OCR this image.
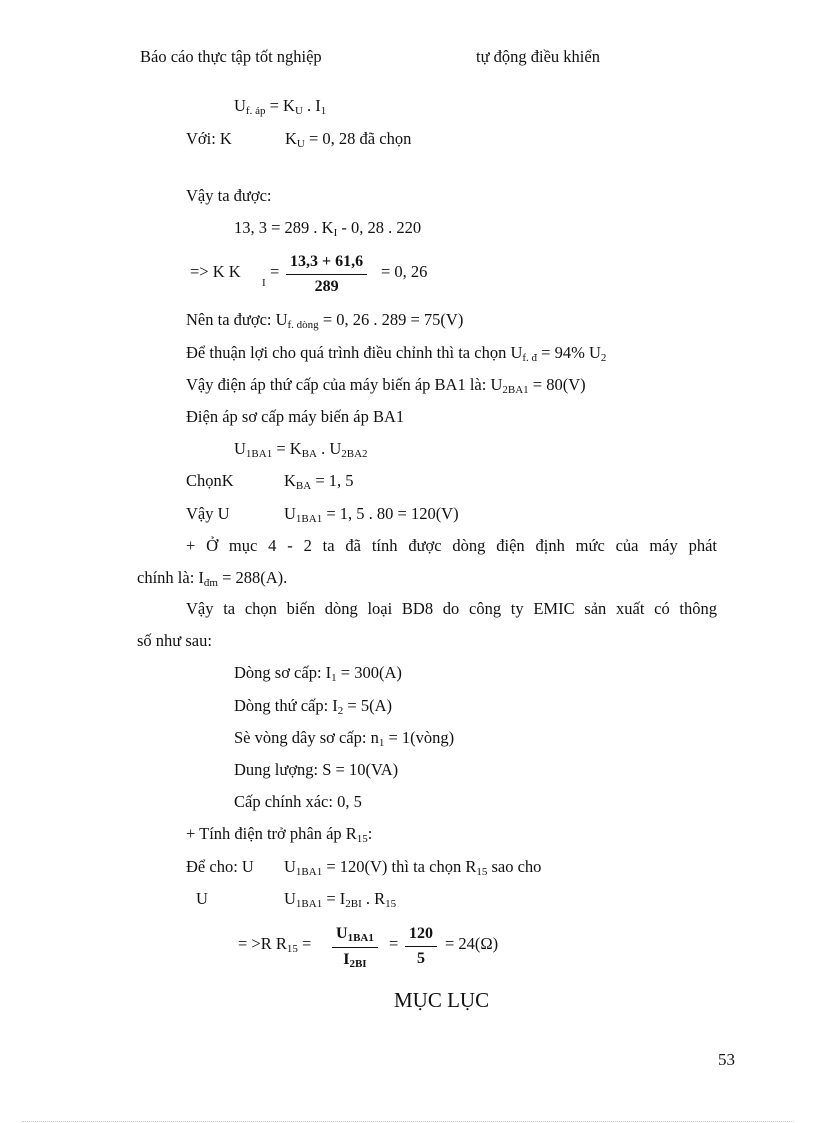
Báo cáo thực tập tốt nghiệp	tự động điều khiển
$U_{f. áp} = K_U$ . $I_1$
Với: K	$K_U = 0$, 28 đã chọn
Vậy ta được:
13, 3 = 289 . $K_I - 0$, 28 . 220
=> K K
$_I$
= $\frac{13,3 + 61,6}{289} = 0$, 26
Nên ta được: $U_{f. dòng} = 0$, 26 . 289 = 75(V)
Để thuận lợi cho quá trình điều chỉnh thì ta chọn $U_{f. đ} = 94\%$ $U_2$
Vậy điện áp thứ cấp của máy biến áp BA1 là: $U_{2BA1} = 80(V)$
Điện áp sơ cấp máy biến áp BA1
$U_{1BA1} = K_{BA}$ . $U_{2BA2}$
ChọnK	$K_{BA} = 1$, 5
Vậy U	$U_{1BA1} = 1$, 5 . 80 = 120(V)
+ Ở mục 4 - 2 ta đã tính được dòng điện định mức của máy phát
chính là: $I_{đm} = 288(A)$.
Vậy ta chọn biến dòng loại BD8 do công ty EMIC sản xuất có thông
số như sau:
Dòng sơ cấp: $I_1 = 300(A)$
Dòng thứ cấp: $I_2 = 5(A)$
Sè vòng dây sơ cấp: $n_1$ = 1(vòng)
Dung lượng: S = 10(VA)
Cấp chính xác: 0, 5
+ Tính điện trở phân áp $R_{15}$:
Để cho: U $U_{1BA1} = 120(V)$ thì ta chọn $R_{15}$ sao cho
U	$U_{1BA1} = I_{2BI}$ . $R_{15}$
= >R $R_{15} = \frac{U_{1BA1}}{I_{2BI}} = \frac{120}{5} = 24(\Omega)$
MỤC LỤC
53
